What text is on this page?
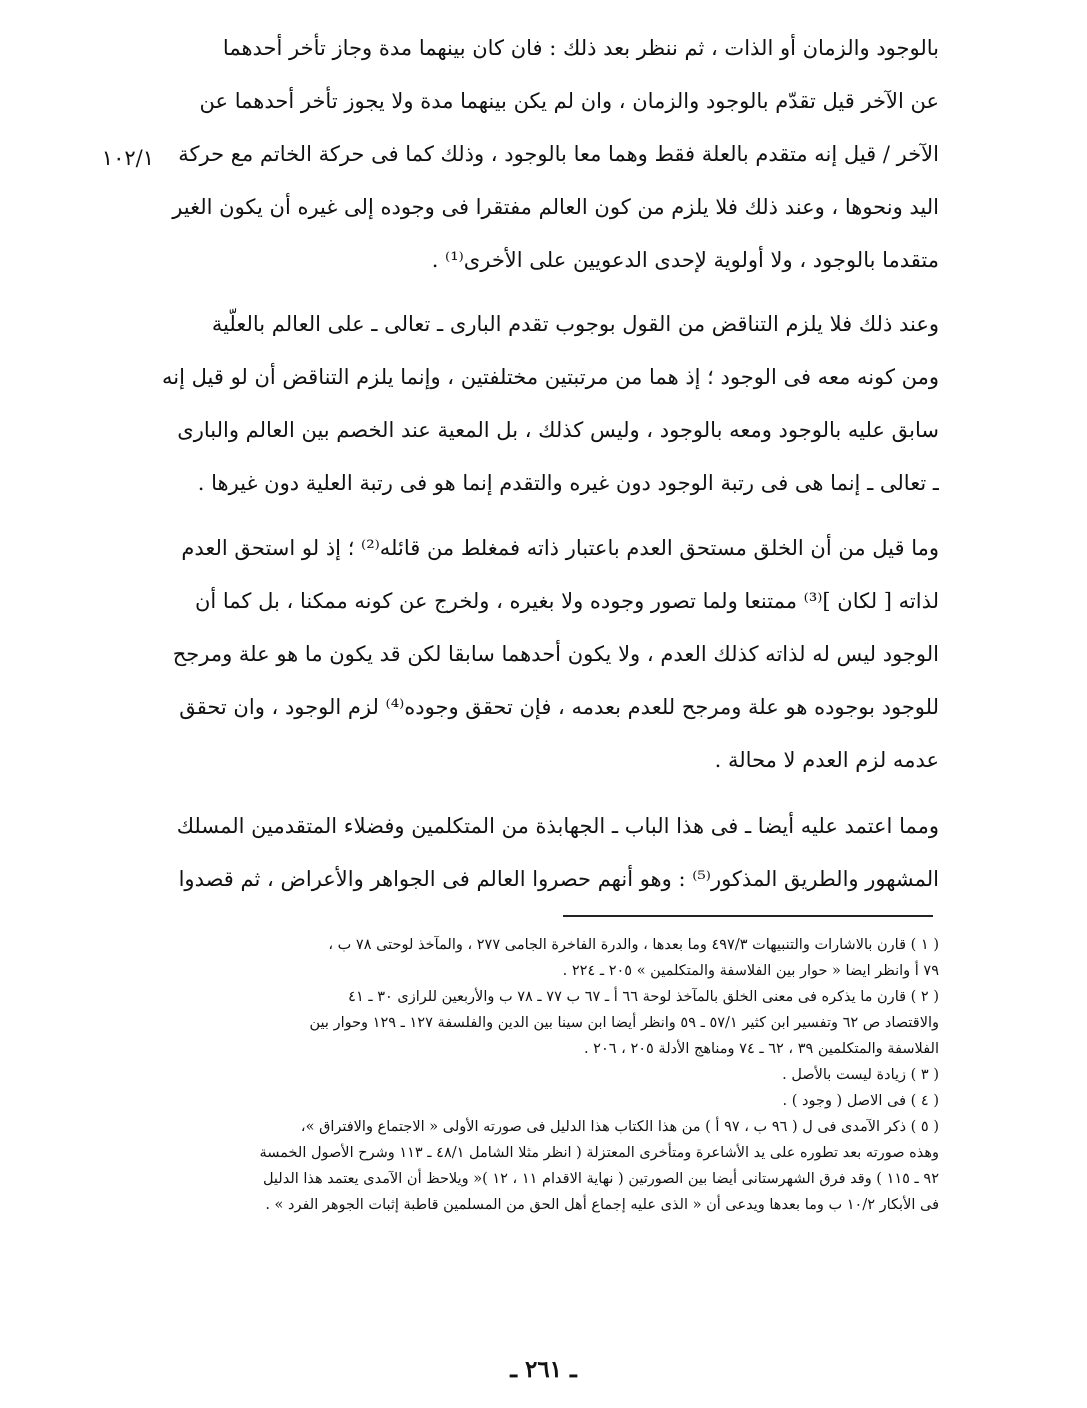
١٠٢/١
بالوجود والزمان أو الذات ، ثم ننظر بعد ذلك : فان كان بينهما مدة وجاز تأخر أحدهما
عن الآخر قيل تقدّم بالوجود والزمان ، وان لم يكن بينهما مدة ولا يجوز تأخر أحدهما عن
الآخر / قيل إنه متقدم بالعلة فقط وهما معا بالوجود ، وذلك كما فى حركة الخاتم مع حركة
اليد ونحوها ، وعند ذلك فلا يلزم من كون العالم مفتقرا فى وجوده إلى غيره أن يكون الغير
متقدما بالوجود ، ولا أولوية لإحدى الدعويين على الأخرى⁽¹⁾ .
وعند ذلك فلا يلزم التناقض من القول بوجوب تقدم البارى ـ تعالى ـ على العالم بالعلّية
ومن كونه معه فى الوجود ؛ إذ هما من مرتبتين مختلفتين ، وإنما يلزم التناقض أن لو قيل إنه
سابق عليه بالوجود ومعه بالوجود ، وليس كذلك ، بل المعية عند الخصم بين العالم والبارى
ـ تعالى ـ إنما هى فى رتبة الوجود دون غيره والتقدم إنما هو فى رتبة العلية دون غيرها .
وما قيل من أن الخلق مستحق العدم باعتبار ذاته فمغلط من قائله⁽²⁾ ؛ إذ لو استحق العدم
لذاته [ لكان ]⁽³⁾ ممتنعا ولما تصور وجوده ولا بغيره ، ولخرج عن كونه ممكنا ، بل كما أن
الوجود ليس له لذاته كذلك العدم ، ولا يكون أحدهما سابقا لكن قد يكون ما هو علة ومرجح
للوجود بوجوده هو علة ومرجح للعدم بعدمه ، فإن تحقق وجوده⁽⁴⁾ لزم الوجود ، وان تحقق
عدمه لزم العدم لا محالة .
ومما اعتمد عليه أيضا ـ فى هذا الباب ـ الجهابذة من المتكلمين وفضلاء المتقدمين المسلك
المشهور والطريق المذكور⁽⁵⁾ : وهو أنهم حصروا العالم فى الجواهر والأعراض ، ثم قصدوا
( ١ ) قارن بالاشارات والتنبيهات ٤٩٧/٣ وما بعدها ، والدرة الفاخرة الجامى ٢٧٧ ، والمآخذ لوحتى ٧٨ ب ،
٧٩ أ وانظر ايضا « حوار بين الفلاسفة والمتكلمين » ٢٠٥ ـ ٢٢٤ .
( ٢ ) قارن ما يذكره فى معنى الخلق بالمآخذ لوحة ٦٦ أ ـ ٦٧ ب ٧٧ ـ ٧٨ ب والأربعين للرازى ٣٠ ـ ٤١
والاقتصاد ص ٦٢ وتفسير ابن كثير ٥٧/١ ـ ٥٩ وانظر أيضا ابن سينا بين الدين والفلسفة ١٢٧ ـ ١٢٩ وحوار بين
الفلاسفة والمتكلمين ٣٩ ، ٦٢ ـ ٧٤ ومناهج الأدلة ٢٠٥ ، ٢٠٦ .
( ٣ ) زيادة ليست بالأصل .
( ٤ ) فى الاصل ( وجود ) .
( ٥ ) ذكر الآمدى فى ل ( ٩٦ ب ، ٩٧ أ ) من هذا الكتاب هذا الدليل فى صورته الأولى « الاجتماع والافتراق »،
وهذه صورته بعد تطوره على يد الأشاعرة ومتأخرى المعتزلة ( انظر مثلا الشامل ٤٨/١ ـ ١١٣ وشرح الأصول الخمسة
٩٢ ـ ١١٥ ) وقد فرق الشهرستانى أيضا بين الصورتين ( نهاية الاقدام ١١ ، ١٢ )« ويلاحظ أن الآمدى يعتمد هذا الدليل
فى الأبكار ١٠/٢ ب وما بعدها ويدعى أن « الذى عليه إجماع أهل الحق من المسلمين قاطبة إثبات الجوهر الفرد » .
ـ ٢٦١ ـ
